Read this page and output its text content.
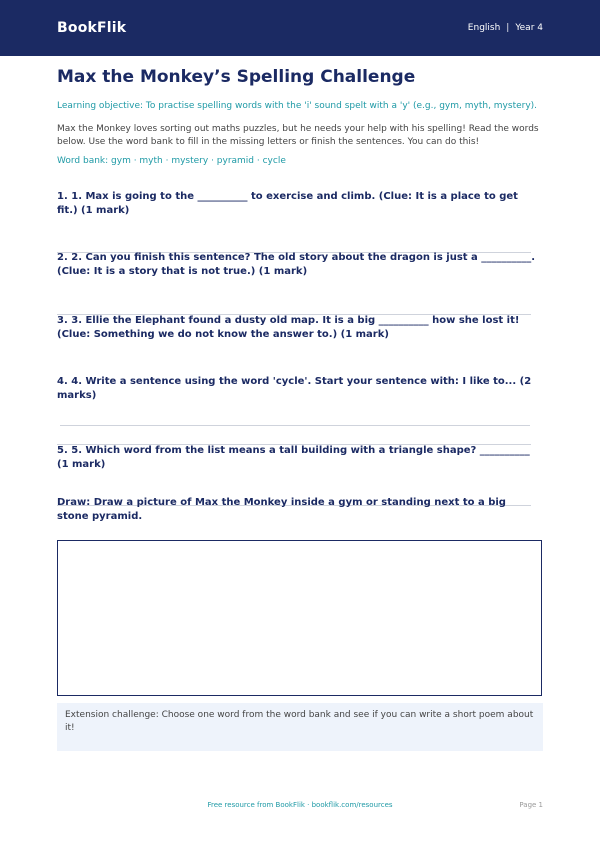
BookFlik	English | Year 4
Max the Monkey’s Spelling Challenge

Learning objective: To practise spelling words with the 'i' sound spelt with a 'y' (e.g., gym, myth, mystery).

Max the Monkey loves sorting out maths puzzles, but he needs your help with his spelling! Read the words below. Use the word bank to fill in the missing letters or finish the sentences. You can do this!

Word bank: gym · myth · mystery · pyramid · cycle

1. 1. Max is going to the __________ to exercise and climb. (Clue: It is a place to get fit.) (1 mark)
2. 2. Can you finish this sentence? The old story about the dragon is just a __________. (Clue: It is a story that is not true.) (1 mark)
3. 3. Ellie the Elephant found a dusty old map. It is a big __________ how she lost it! (Clue: Something we do not know the answer to.) (1 mark)
4. 4. Write a sentence using the word 'cycle'. Start your sentence with: I like to... (2 marks)
5. 5. Which word from the list means a tall building with a triangle shape? __________ (1 mark)
Draw: Draw a picture of Max the Monkey inside a gym or standing next to a big stone pyramid.
Extension challenge: Choose one word from the word bank and see if you can write a short poem about it!
Free resource from BookFlik · bookflik.com/resources	Page 1
